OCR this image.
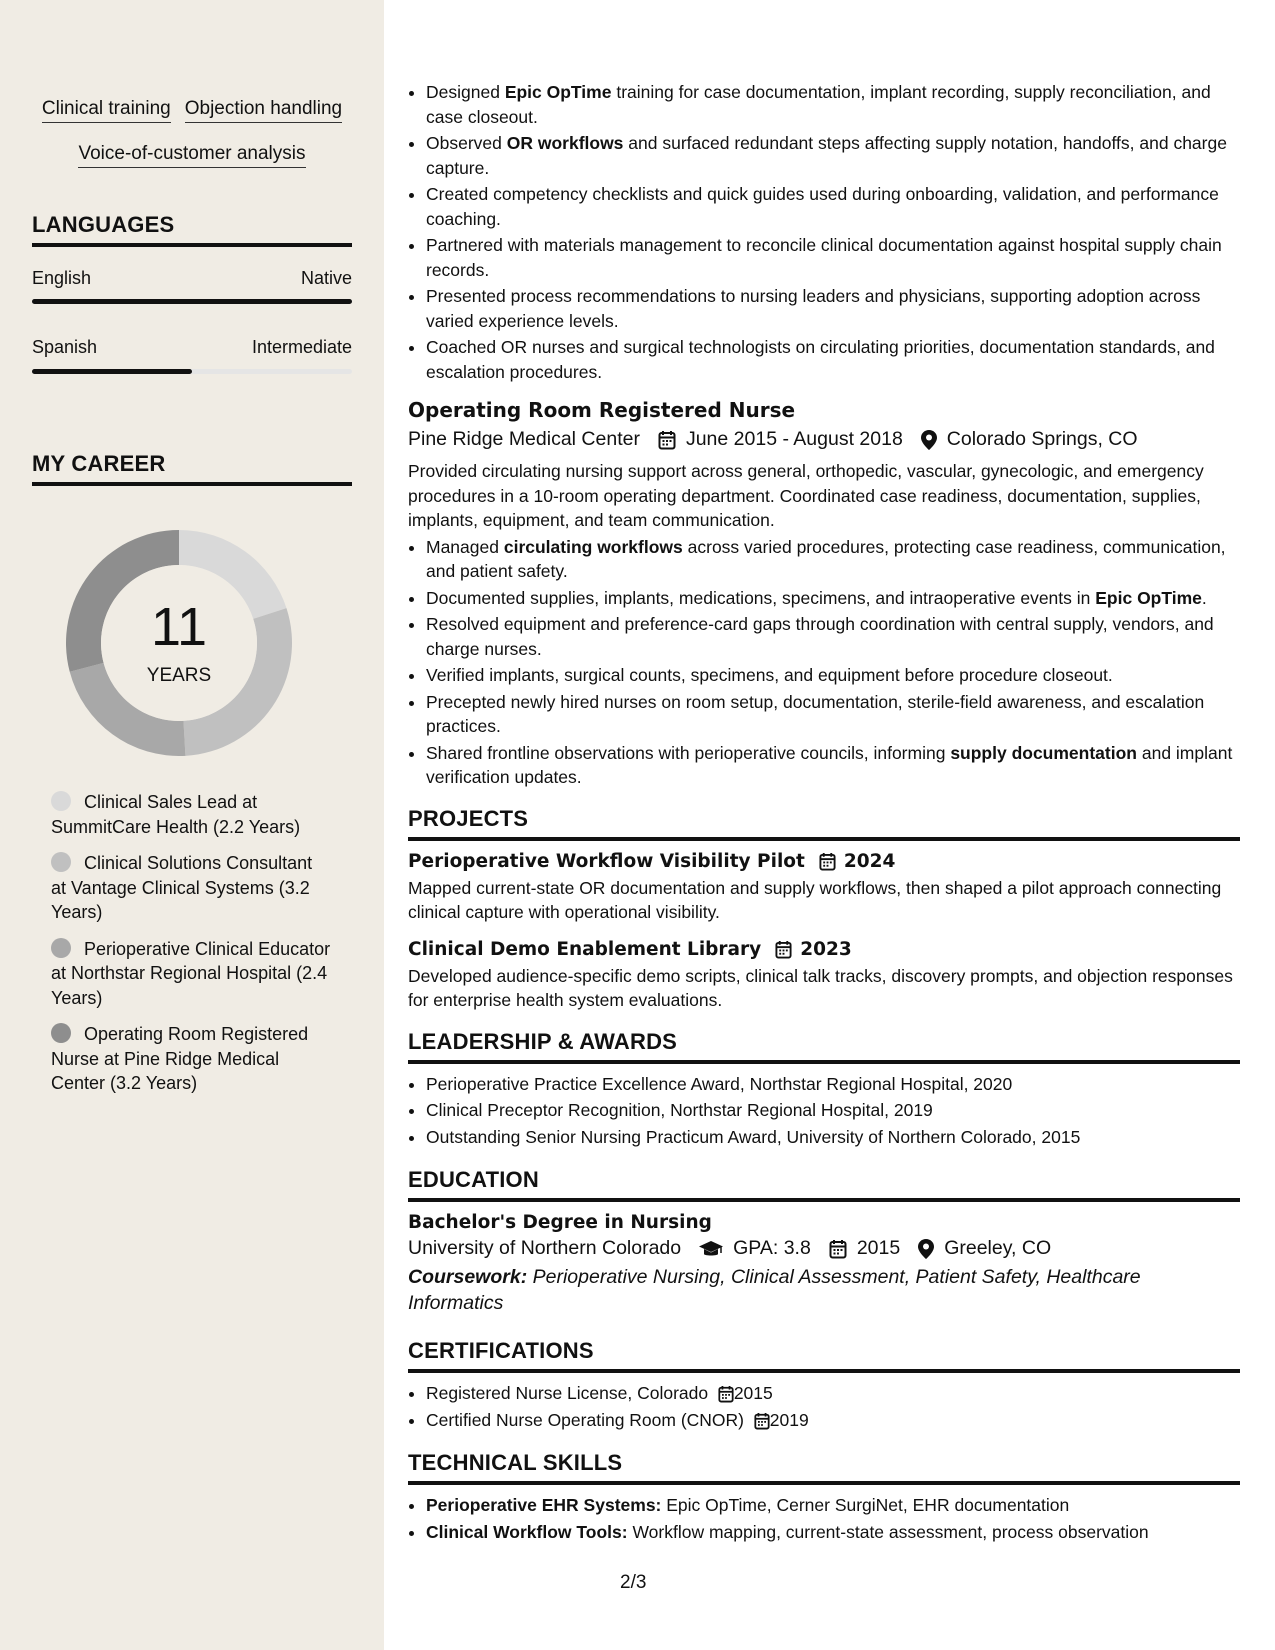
Clinical training Objection handling
Voice-of-customer analysis
LANGUAGES
English	Native
Spanish	Intermediate
MY CAREER
11
YEARS
Clinical Sales Lead at SummitCare Health (2.2 Years)
Clinical Solutions Consultant at Vantage Clinical Systems (3.2 Years)
Perioperative Clinical Educator at Northstar Regional Hospital (2.4 Years)
Operating Room Registered Nurse at Pine Ridge Medical Center (3.2 Years)
• Designed Epic OpTime training for case documentation, implant recording, supply reconciliation, and case closeout.
• Observed OR workflows and surfaced redundant steps affecting supply notation, handoffs, and charge capture.
• Created competency checklists and quick guides used during onboarding, validation, and performance coaching.
• Partnered with materials management to reconcile clinical documentation against hospital supply chain records.
• Presented process recommendations to nursing leaders and physicians, supporting adoption across varied experience levels.
• Coached OR nurses and surgical technologists on circulating priorities, documentation standards, and escalation procedures.
Operating Room Registered Nurse
Pine Ridge Medical Center June 2015 - August 2018 Colorado Springs, CO
Provided circulating nursing support across general, orthopedic, vascular, gynecologic, and emergency procedures in a 10-room operating department. Coordinated case readiness, documentation, supplies, implants, equipment, and team communication.
• Managed circulating workflows across varied procedures, protecting case readiness, communication, and patient safety.
• Documented supplies, implants, medications, specimens, and intraoperative events in Epic OpTime.
• Resolved equipment and preference-card gaps through coordination with central supply, vendors, and charge nurses.
• Verified implants, surgical counts, specimens, and equipment before procedure closeout.
• Precepted newly hired nurses on room setup, documentation, sterile-field awareness, and escalation practices.
• Shared frontline observations with perioperative councils, informing supply documentation and implant verification updates.
PROJECTS
Perioperative Workflow Visibility Pilot 2024
Mapped current-state OR documentation and supply workflows, then shaped a pilot approach connecting clinical capture with operational visibility.
Clinical Demo Enablement Library 2023
Developed audience-specific demo scripts, clinical talk tracks, discovery prompts, and objection responses for enterprise health system evaluations.
LEADERSHIP & AWARDS
• Perioperative Practice Excellence Award, Northstar Regional Hospital, 2020
• Clinical Preceptor Recognition, Northstar Regional Hospital, 2019
• Outstanding Senior Nursing Practicum Award, University of Northern Colorado, 2015
EDUCATION
Bachelor's Degree in Nursing
University of Northern Colorado	GPA: 3.8 2015 Greeley, CO
Coursework: Perioperative Nursing, Clinical Assessment, Patient Safety, Healthcare Informatics
CERTIFICATIONS
• Registered Nurse License, Colorado 2015
• Certified Nurse Operating Room (CNOR) 2019
TECHNICAL SKILLS
• Perioperative EHR Systems: Epic OpTime, Cerner SurgiNet, EHR documentation
• Clinical Workflow Tools: Workflow mapping, current-state assessment, process observation
2/3
